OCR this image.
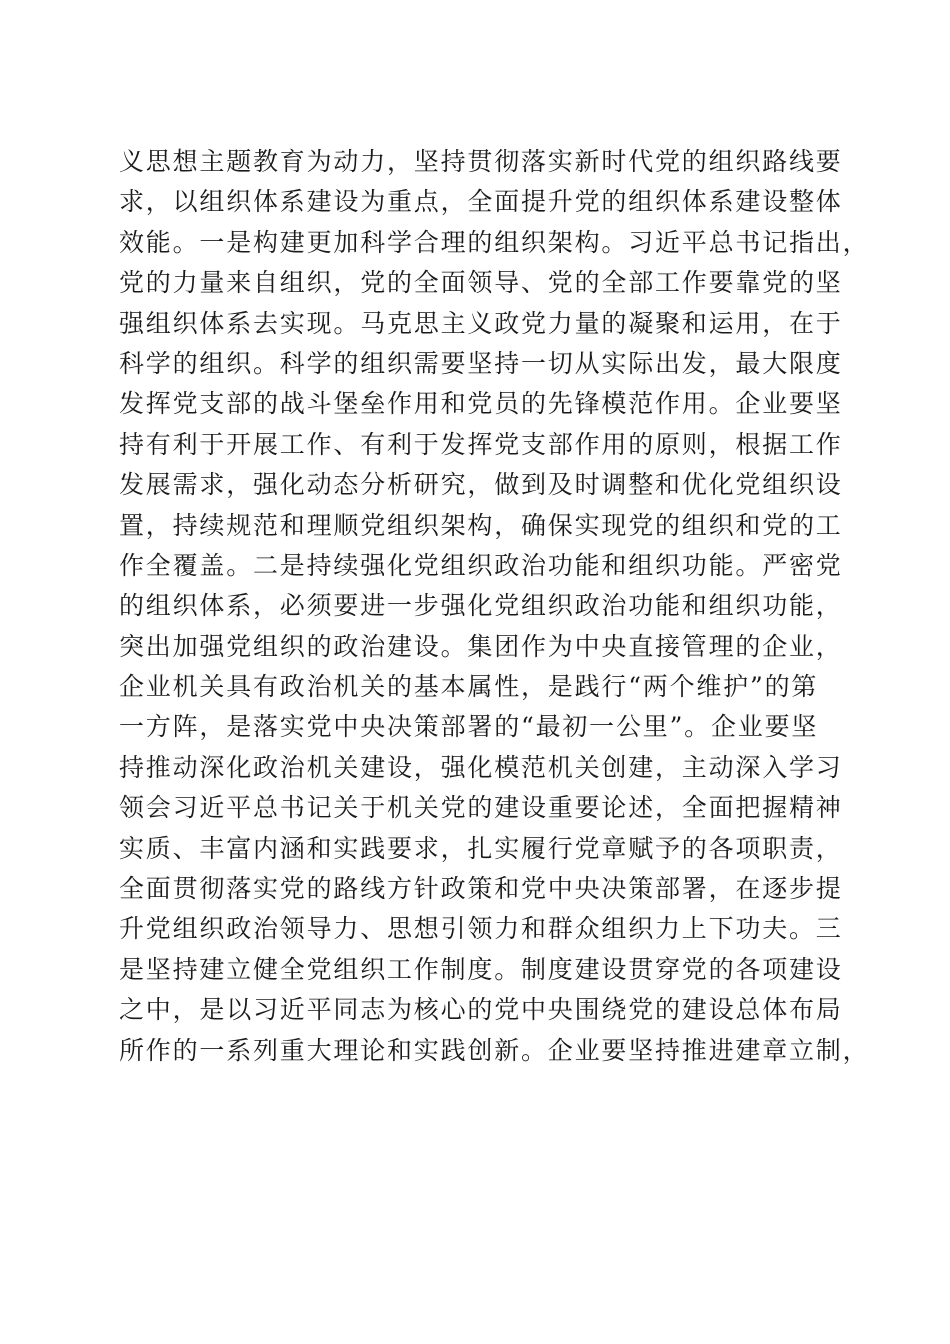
义思想主题教育为动力，坚持贯彻落实新时代党的组织路线要
求，以组织体系建设为重点，全面提升党的组织体系建设整体
效能。一是构建更加科学合理的组织架构。习近平总书记指出，
党的力量来自组织，党的全面领导、党的全部工作要靠党的坚
强组织体系去实现。马克思主义政党力量的凝聚和运用，在于
科学的组织。科学的组织需要坚持一切从实际出发，最大限度
发挥党支部的战斗堡垒作用和党员的先锋模范作用。企业要坚
持有利于开展工作、有利于发挥党支部作用的原则，根据工作
发展需求，强化动态分析研究，做到及时调整和优化党组织设
置，持续规范和理顺党组织架构，确保实现党的组织和党的工
作全覆盖。二是持续强化党组织政治功能和组织功能。严密党
的组织体系，必须要进一步强化党组织政治功能和组织功能，
突出加强党组织的政治建设。集团作为中央直接管理的企业，
企业机关具有政治机关的基本属性，是践行“两个维护”的第
一方阵，是落实党中央决策部署的“最初一公里”。企业要坚
持推动深化政治机关建设，强化模范机关创建，主动深入学习
领会习近平总书记关于机关党的建设重要论述，全面把握精神
实质、丰富内涵和实践要求，扎实履行党章赋予的各项职责，
全面贯彻落实党的路线方针政策和党中央决策部署，在逐步提
升党组织政治领导力、思想引领力和群众组织力上下功夫。三
是坚持建立健全党组织工作制度。制度建设贯穿党的各项建设
之中，是以习近平同志为核心的党中央围绕党的建设总体布局
所作的一系列重大理论和实践创新。企业要坚持推进建章立制，
